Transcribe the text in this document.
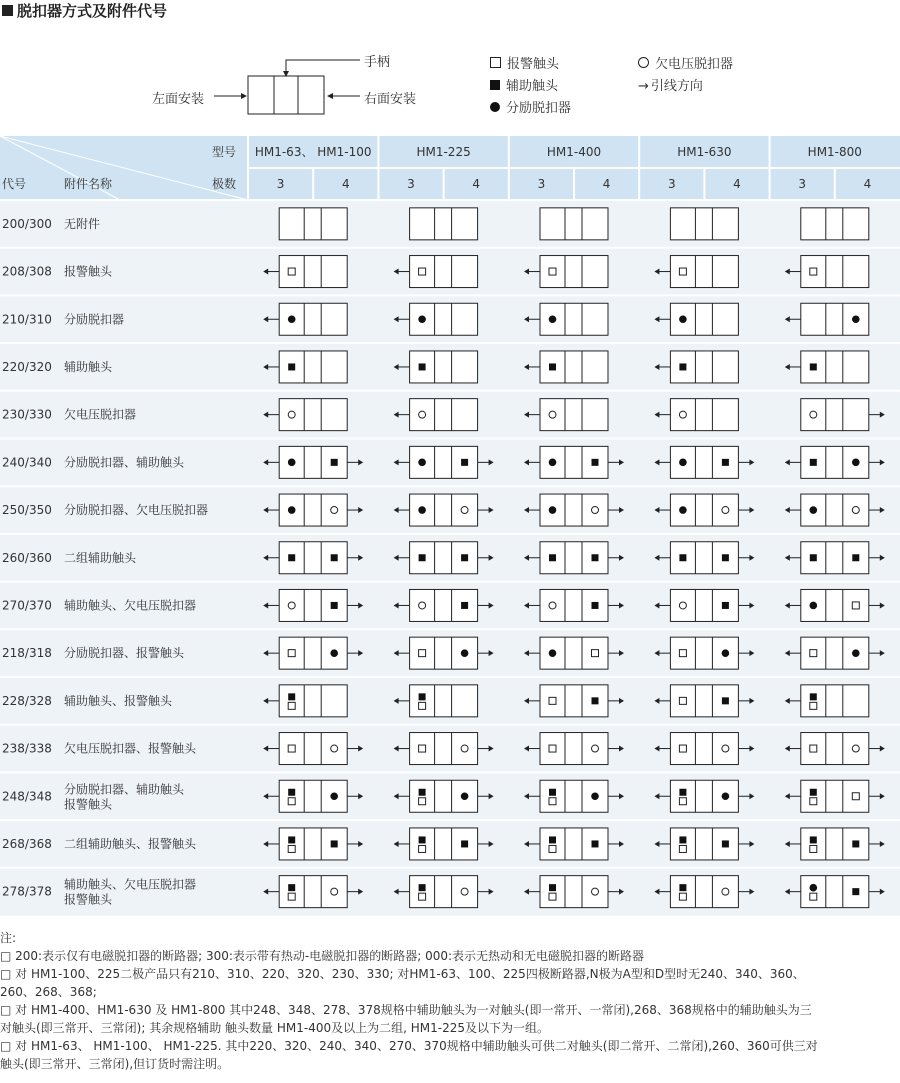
脱扣器方式及附件代号
手柄
左面安装	右面安装
报警触头
辅助触头
分励脱扣器
欠电压脱扣器
→ 引线方向
型号
极数
代号	附件名称
HM1-63、 HM1-100
3	4
HM1-225
3	4
HM1-400
3	4
HM1-630
3	4
HM1-800
3	4
200/300 无附件
208/308 报警触头
210/310 分励脱扣器
220/320 辅助触头
230/330 欠电压脱扣器
240/340 分励脱扣器、辅助触头
250/350 分励脱扣器、欠电压脱扣器
260/360 二组辅助触头
270/370 辅助触头、欠电压脱扣器
218/318 分励脱扣器、报警触头
228/328 辅助触头、报警触头
238/338 欠电压脱扣器、报警触头
248/348 分励脱扣器、辅助触头
报警触头
268/368 二组辅助触头、报警触头
278/378 辅助触头、欠电压脱扣器
报警触头
注:
□ 200:表示仅有电磁脱扣器的断路器; 300:表示带有热动-电磁脱扣器的断路器; 000:表示无热动和无电磁脱扣器的断路器
□ 对 HM1-100、225二极产品只有210、310、220、320、230、330; 对HM1-63、100、225四极断路器,N极为A型和D型时无240、340、360、
260、268、368;
□ 对 HM1-400、HM1-630 及 HM1-800 其中248、348、278、378规格中辅助触头为一对触头(即一常开、一常闭),268、368规格中的辅助触头为三
对触头(即三常开、三常闭); 其余规格辅助 触头数量 HM1-400及以上为二组, HM1-225及以下为一组。
□ 对 HM1-63、 HM1-100、 HM1-225. 其中220、320、240、340、270、370规格中辅助触头可供二对触头(即二常开、二常闭),260、360可供三对
触头(即三常开、三常闭),但订货时需注明。
